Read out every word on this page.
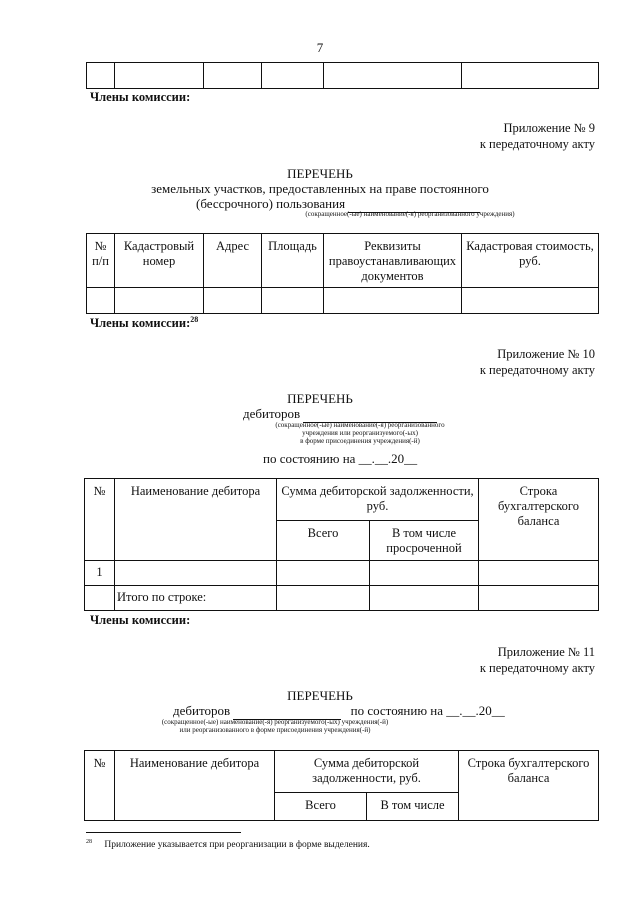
7

Члены комиссии:
Приложение № 9
к передаточному акту
ПЕРЕЧЕНЬ
земельных участков, предоставленных на праве постоянного
(бессрочного) пользования
(сокращенное(-ые) наименование(-я) реорганизованного учреждения)
№ п/п	Кадастровый номер	Адрес	Площадь	Реквизиты правоустанавливающих документов	Кадастровая стоимость, руб.

Члены комиссии:$^{28}$
Приложение № 10
к передаточному акту
ПЕРЕЧЕНЬ
дебиторов
(сокращенное(-ые) наименование(-я) реорганизованного
учреждения или реорганизуемого(-ых)
в форме присоединения учреждения(-й)
по состоянию на __.__.20__
№	Наименование дебитора	Сумма дебиторской задолженности, руб.		Строка бухгалтерского баланса
		Всего	В том числе просроченной	
1				
	Итого по строке:			
Члены комиссии:
Приложение № 11
к передаточному акту
ПЕРЕЧЕНЬ
дебиторов	по состоянию на __.__.20__
(сокращенное(-ые) наименование(-я) реорганизуемого(-ых) учреждения(-й)
или реорганизованного в форме присоединения учреждения(-й)
№	Наименование дебитора	Сумма дебиторской задолженности, руб.		Строка бухгалтерского баланса
		Всего	В том числе	
$^{28}$ Приложение указывается при реорганизации в форме выделения.
